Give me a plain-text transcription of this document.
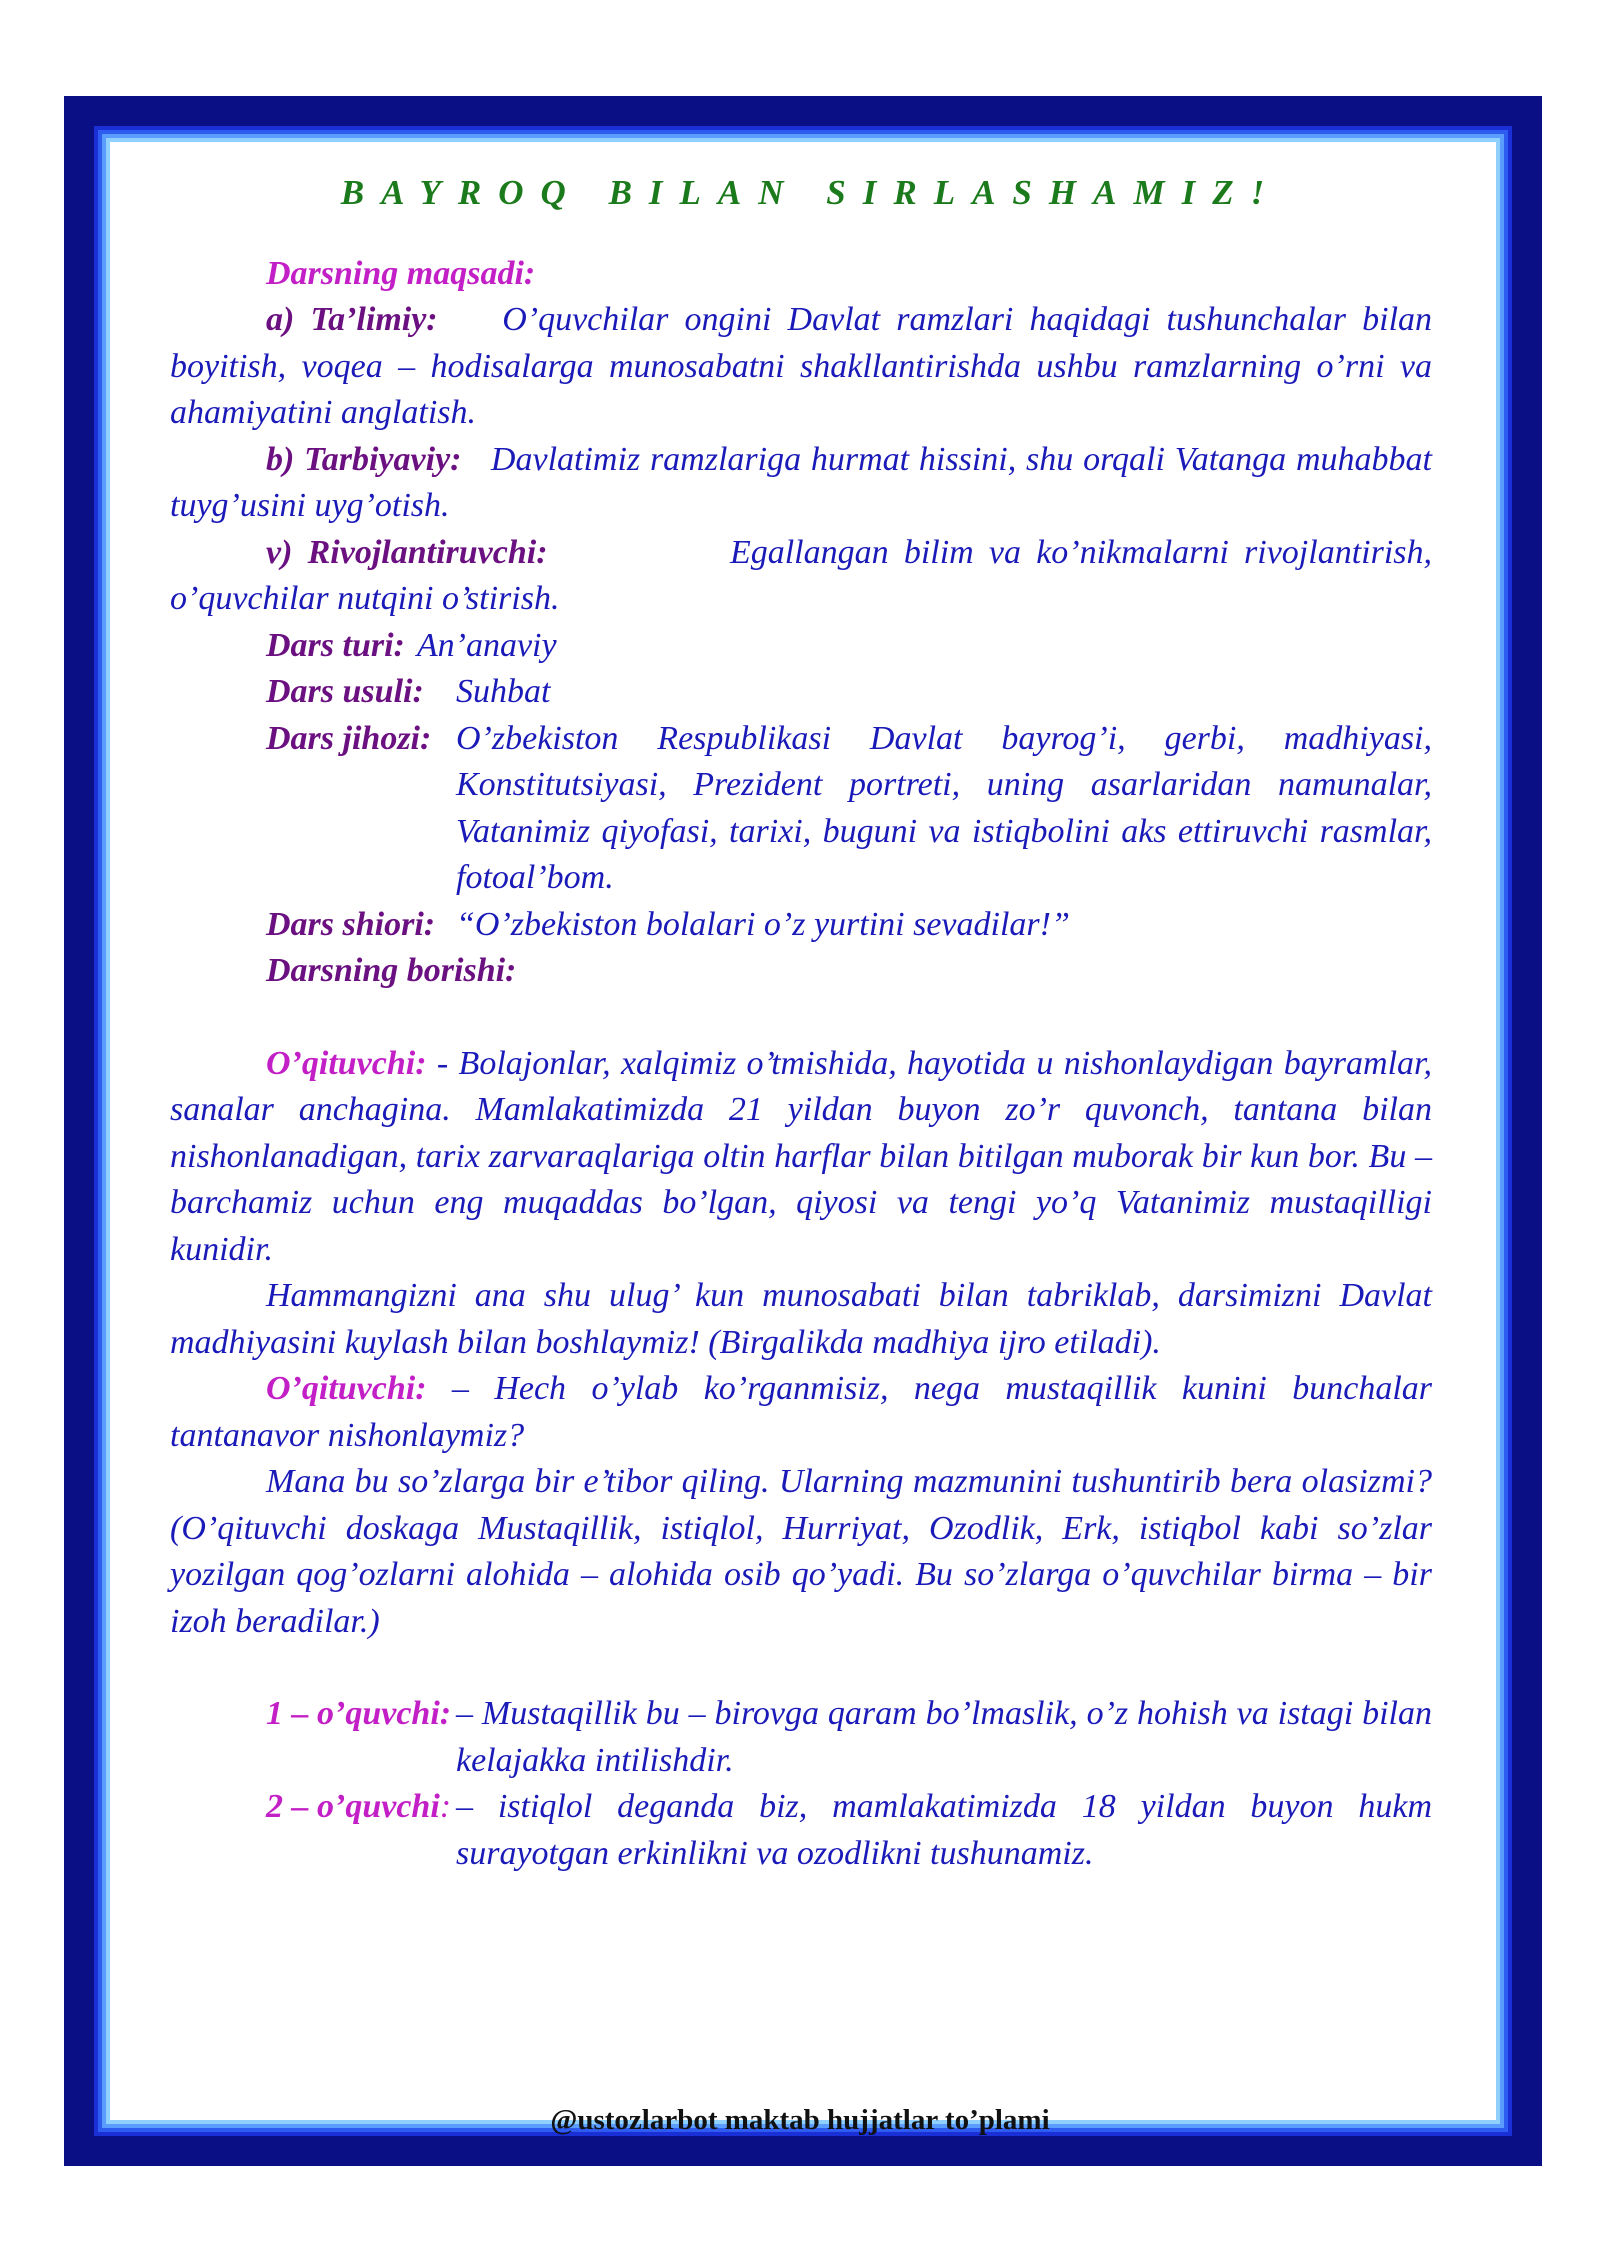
BAYROQ BILAN SIRLASHAMIZ!

Darsning maqsadi:

a) Ta’limiy: O’quvchilar ongini Davlat ramzlari haqidagi tushunchalar bilan boyitish, voqea – hodisalarga munosabatni shakllantirishda ushbu ramzlarning o’rni va ahamiyatini anglatish.

b) Tarbiyaviy: Davlatimiz ramzlariga hurmat hissini, shu orqali Vatanga muhabbat tuyg’usini uyg’otish.

v) Rivojlantiruvchi:	Egallangan bilim va ko’nikmalarni rivojlantirish, o’quvchilar nutqini o’stirish.

Dars turi: An’anaviy
Dars usuli: Suhbat
Dars jihozi: O’zbekiston Respublikasi Davlat bayrog’i, gerbi, madhiyasi, Konstitutsiyasi, Prezident portreti, uning asarlaridan namunalar, Vatanimiz qiyofasi, tarixi, buguni va istiqbolini aks ettiruvchi rasmlar, fotoal’bom.
Dars shiori: “O’zbekiston bolalari o’z yurtini sevadilar!”

Darsning borishi:

O’qituvchi: - Bolajonlar, xalqimiz o’tmishida, hayotida u nishonlaydigan bayramlar, sanalar anchagina. Mamlakatimizda 21 yildan buyon zo’r quvonch, tantana bilan nishonlanadigan, tarix zarvaraqlariga oltin harflar bilan bitilgan muborak bir kun bor. Bu – barchamiz uchun eng muqaddas bo’lgan, qiyosi va tengi yo’q Vatanimiz mustaqilligi kunidir.

Hammangizni ana shu ulug’ kun munosabati bilan tabriklab, darsimizni Davlat madhiyasini kuylash bilan boshlaymiz! (Birgalikda madhiya ijro etiladi).

O’qituvchi: – Hech o’ylab ko’rganmisiz, nega mustaqillik kunini bunchalar tantanavor nishonlaymiz?

Mana bu so’zlarga bir e’tibor qiling. Ularning mazmunini tushuntirib bera olasizmi? (O’qituvchi doskaga Mustaqillik, istiqlol, Hurriyat, Ozodlik, Erk, istiqbol kabi so’zlar yozilgan qog’ozlarni alohida – alohida osib qo’yadi. Bu so’zlarga o’quvchilar birma – bir izoh beradilar.)

1 – o’quvchi: – Mustaqillik bu – birovga qaram bo’lmaslik, o’z hohish va istagi bilan kelajakka intilishdir.
2 – o’quvchi: – istiqlol deganda biz, mamlakatimizda 18 yildan buyon hukm surayotgan erkinlikni va ozodlikni tushunamiz.
@ustozlarbot maktab hujjatlar to’plami
